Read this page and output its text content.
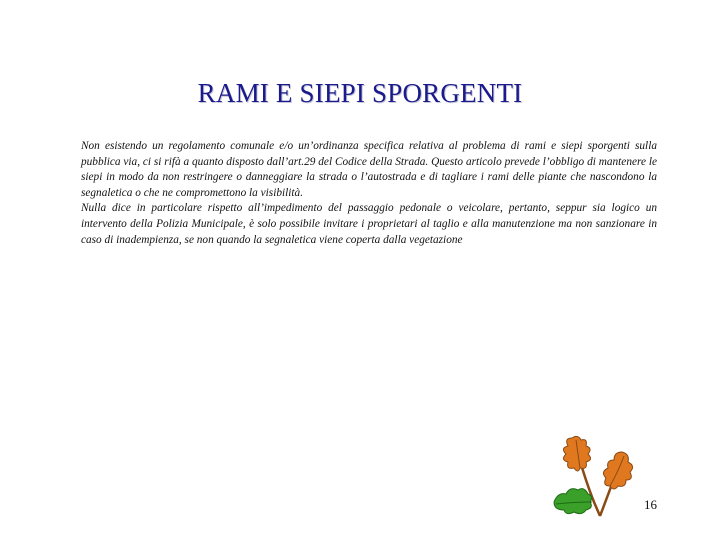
RAMI E SIEPI SPORGENTI

Non esistendo un regolamento comunale e/o un’ordinanza specifica relativa al problema di rami e siepi sporgenti sulla pubblica via, ci si rifà a quanto disposto dall’art.29 del Codice della Strada. Questo articolo prevede l’obbligo di mantenere le siepi in modo da non restringere o danneggiare la strada o l’autostrada e di tagliare i rami delle piante che nascondono la segnaletica o che ne compromettono la visibilità.

Nulla dice in particolare rispetto all’impedimento del passaggio pedonale o veicolare, pertanto, seppur sia logico un intervento della Polizia Municipale, è solo possibile invitare i proprietari al taglio e alla manutenzione ma non sanzionare in caso di inadempienza, se non quando la segnaletica viene coperta dalla vegetazione

16
